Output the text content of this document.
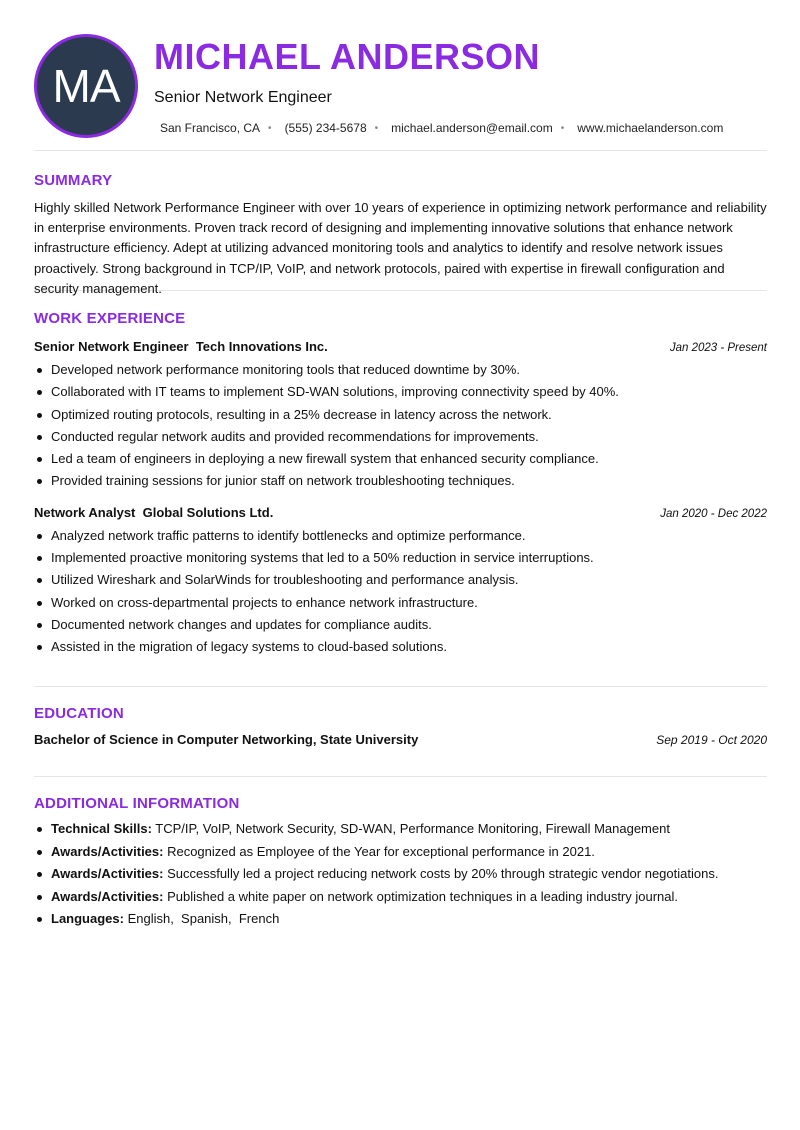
MA
MICHAEL ANDERSON
Senior Network Engineer
San Francisco, CA • (555) 234-5678 • michael.anderson@email.com • www.michaelanderson.com
SUMMARY

Highly skilled Network Performance Engineer with over 10 years of experience in optimizing network performance and reliability in enterprise environments. Proven track record of designing and implementing innovative solutions that enhance network infrastructure efficiency. Adept at utilizing advanced monitoring tools and analytics to identify and resolve network issues proactively. Strong background in TCP/IP, VoIP, and network protocols, paired with expertise in firewall configuration and security management.

WORK EXPERIENCE
Senior Network Engineer  Tech Innovations Inc.	Jan 2023 - Present
Developed network performance monitoring tools that reduced downtime by 30%.
Collaborated with IT teams to implement SD-WAN solutions, improving connectivity speed by 40%.
Optimized routing protocols, resulting in a 25% decrease in latency across the network.
Conducted regular network audits and provided recommendations for improvements.
Led a team of engineers in deploying a new firewall system that enhanced security compliance.
Provided training sessions for junior staff on network troubleshooting techniques.
Network Analyst  Global Solutions Ltd.	Jan 2020 - Dec 2022
Analyzed network traffic patterns to identify bottlenecks and optimize performance.
Implemented proactive monitoring systems that led to a 50% reduction in service interruptions.
Utilized Wireshark and SolarWinds for troubleshooting and performance analysis.
Worked on cross-departmental projects to enhance network infrastructure.
Documented network changes and updates for compliance audits.
Assisted in the migration of legacy systems to cloud-based solutions.
EDUCATION
Bachelor of Science in Computer Networking, State University	Sep 2019 - Oct 2020
ADDITIONAL INFORMATION
Technical Skills: TCP/IP, VoIP, Network Security, SD-WAN, Performance Monitoring, Firewall Management
Awards/Activities: Recognized as Employee of the Year for exceptional performance in 2021.
Awards/Activities: Successfully led a project reducing network costs by 20% through strategic vendor negotiations.
Awards/Activities: Published a white paper on network optimization techniques in a leading industry journal.
Languages: English,  Spanish,  French
